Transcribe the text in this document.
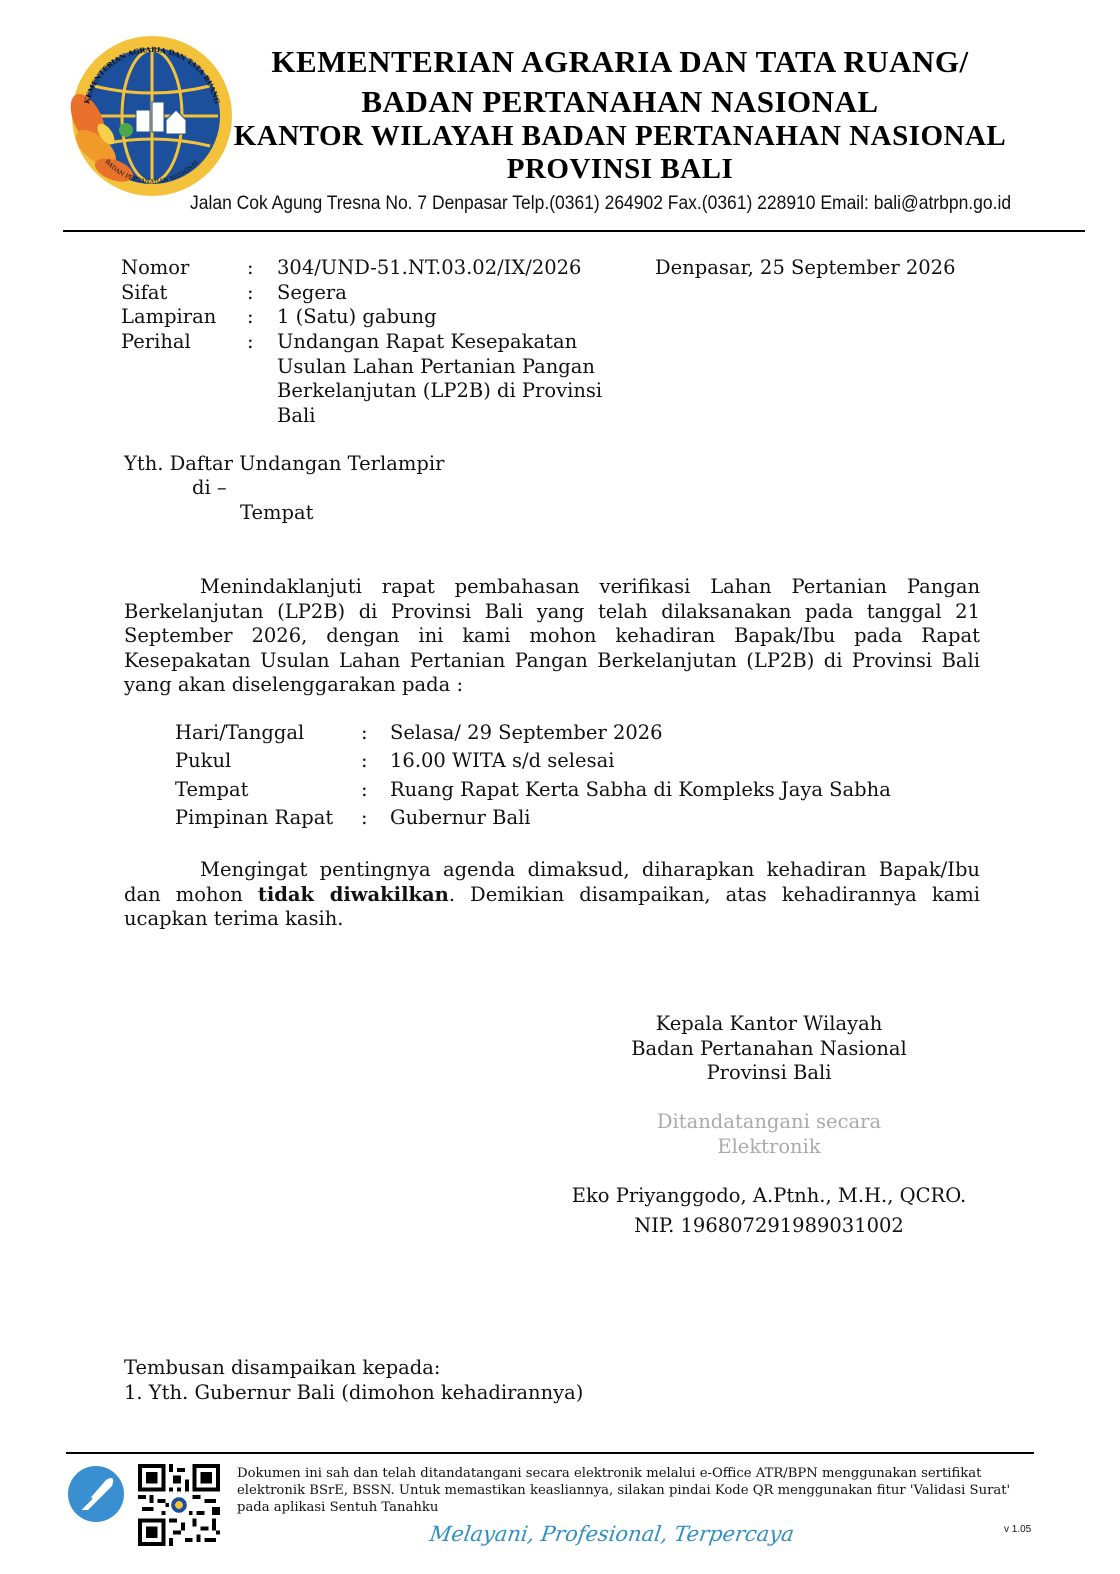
KEMENTERIAN AGRARIA DAN TATA RUANG
BADAN PERTANAHAN NASIONAL
KEMENTERIAN AGRARIA DAN TATA RUANG/
BADAN PERTANAHAN NASIONAL
KANTOR WILAYAH BADAN PERTANAHAN NASIONAL
PROVINSI BALI
Jalan Cok Agung Tresna No. 7 Denpasar Telp.(0361) 264902 Fax.(0361) 228910 Email: bali@atrbpn.go.id
Nomor	: 304/UND-51.NT.03.02/IX/2026
Sifat	: Segera
Lampiran : 1 (Satu) gabung
Perihal	: Undangan Rapat Kesepakatan Usulan Lahan Pertanian Pangan Berkelanjutan (LP2B) di Provinsi Bali
Denpasar, 25 September 2026
Yth. Daftar Undangan Terlampir
di –
Tempat
Menindaklanjuti rapat pembahasan verifikasi Lahan Pertanian Pangan Berkelanjutan (LP2B) di Provinsi Bali yang telah dilaksanakan pada tanggal 21 September 2026, dengan ini kami mohon kehadiran Bapak/Ibu pada Rapat Kesepakatan Usulan Lahan Pertanian Pangan Berkelanjutan (LP2B) di Provinsi Bali yang akan diselenggarakan pada :
Hari/Tanggal	: Selasa/ 29 September 2026
Pukul	: 16.00 WITA s/d selesai
Tempat	: Ruang Rapat Kerta Sabha di Kompleks Jaya Sabha
Pimpinan Rapat : Gubernur Bali
Mengingat pentingnya agenda dimaksud, diharapkan kehadiran Bapak/Ibu dan mohon tidak diwakilkan. Demikian disampaikan, atas kehadirannya kami ucapkan terima kasih.
Kepala Kantor Wilayah
Badan Pertanahan Nasional
Provinsi Bali
Ditandatangani secara
Elektronik
Eko Priyanggodo, A.Ptnh., M.H., QCRO.
NIP. 196807291989031002
Tembusan disampaikan kepada:
1. Yth. Gubernur Bali (dimohon kehadirannya)
Dokumen ini sah dan telah ditandatangani secara elektronik melalui e-Office ATR/BPN menggunakan sertifikat elektronik BSrE, BSSN. Untuk memastikan keasliannya, silakan pindai Kode QR menggunakan fitur 'Validasi Surat' pada aplikasi Sentuh Tanahku
Melayani, Profesional, Terpercaya	v 1.05
